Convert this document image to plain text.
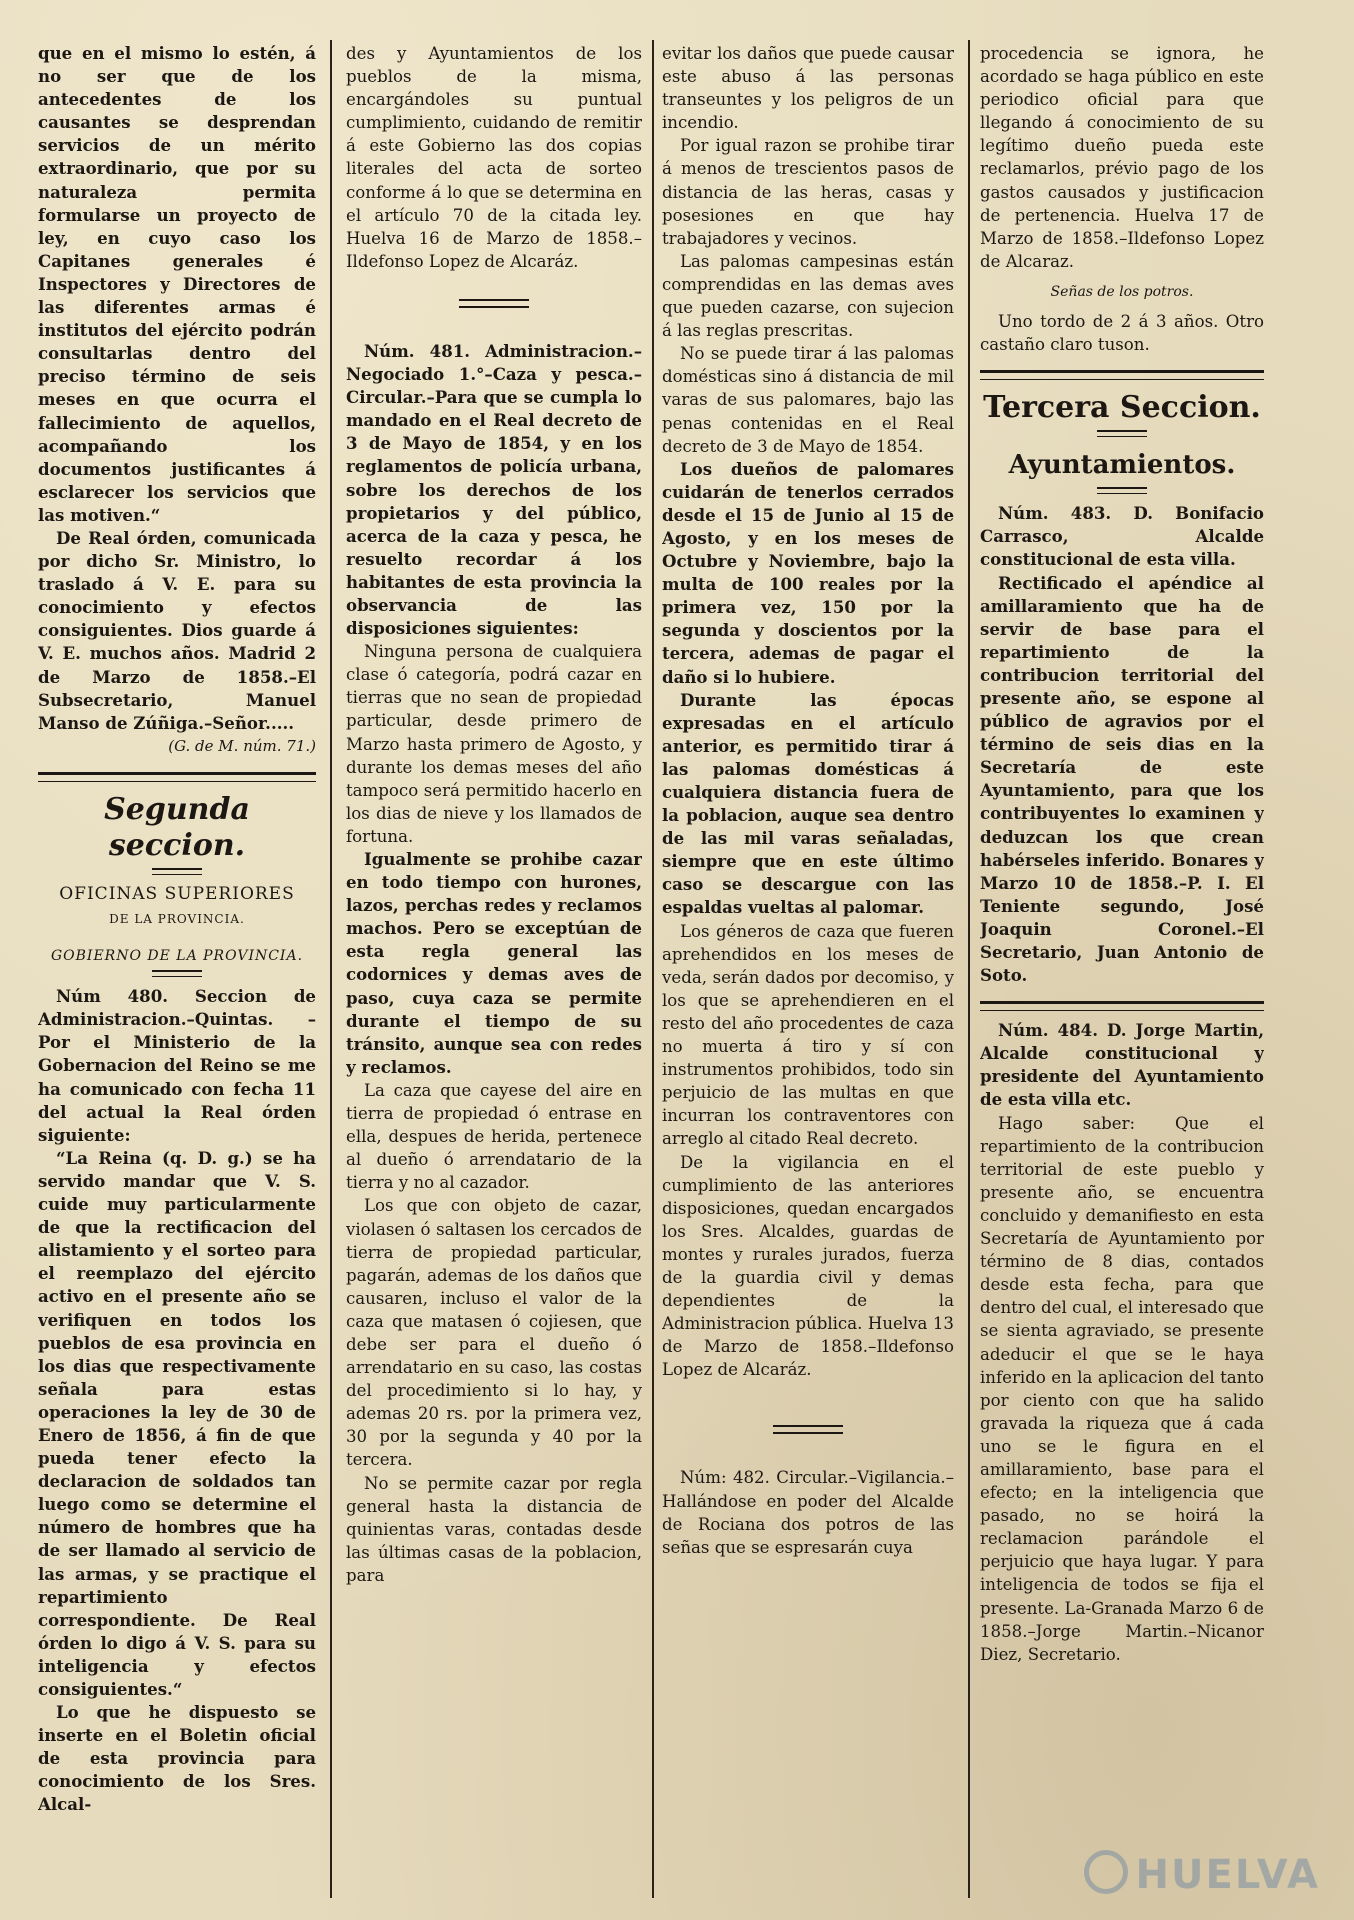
que en el mismo lo estén, á no ser que de los antecedentes de los causantes se desprendan servicios de un mérito extraordinario, que por su naturaleza permita formularse un proyecto de ley, en cuyo caso los Capitanes generales é Inspectores y Directores de las diferentes armas é institutos del ejército podrán consultarlas dentro del preciso término de seis meses en que ocurra el fallecimiento de aquellos, acompañando los documentos justificantes á esclarecer los servicios que las motiven.“

De Real órden, comunicada por dicho Sr. Ministro, lo traslado á V. E. para su conocimiento y efectos consiguientes. Dios guarde á V. E. muchos años. Madrid 2 de Marzo de 1858.–El Subsecretario, Manuel Manso de Zúñiga.–Señor.....

(G. de M. núm. 71.)

Segunda seccion.
OFICINAS SUPERIORES
DE LA PROVINCIA.
GOBIERNO DE LA PROVINCIA.

Núm 480. Seccion de Administracion.–Quintas. –Por el Ministerio de la Gobernacion del Reino se me ha comunicado con fecha 11 del actual la Real órden siguiente:

“La Reina (q. D. g.) se ha servido mandar que V. S. cuide muy particularmente de que la rectificacion del alistamiento y el sorteo para el reemplazo del ejército activo en el presente año se verifiquen en todos los pueblos de esa provincia en los dias que respectivamente señala para estas operaciones la ley de 30 de Enero de 1856, á fin de que pueda tener efecto la declaracion de soldados tan luego como se determine el número de hombres que ha de ser llamado al servicio de las armas, y se practique el repartimiento correspondiente. De Real órden lo digo á V. S. para su inteligencia y efectos consiguientes.“

Lo que he dispuesto se inserte en el Boletin oficial de esta provincia para conocimiento de los Sres. Alcal-

des y Ayuntamientos de los pueblos de la misma, encargándoles su puntual cumplimiento, cuidando de remitir á este Gobierno las dos copias literales del acta de sorteo conforme á lo que se determina en el artículo 70 de la citada ley. Huelva 16 de Marzo de 1858.–Ildefonso Lopez de Alcaráz.

Núm. 481. Administracion.–Negociado 1.°–Caza y pesca.–Circular.–Para que se cumpla lo mandado en el Real decreto de 3 de Mayo de 1854, y en los reglamentos de policía urbana, sobre los derechos de los propietarios y del público, acerca de la caza y pesca, he resuelto recordar á los habitantes de esta provincia la observancia de las disposiciones siguientes:

Ninguna persona de cualquiera clase ó categoría, podrá cazar en tierras que no sean de propiedad particular, desde primero de Marzo hasta primero de Agosto, y durante los demas meses del año tampoco será permitido hacerlo en los dias de nieve y los llamados de fortuna.

Igualmente se prohibe cazar en todo tiempo con hurones, lazos, perchas redes y reclamos machos. Pero se exceptúan de esta regla general las codornices y demas aves de paso, cuya caza se permite durante el tiempo de su tránsito, aunque sea con redes y reclamos.

La caza que cayese del aire en tierra de propiedad ó entrase en ella, despues de herida, pertenece al dueño ó arrendatario de la tierra y no al cazador.

Los que con objeto de cazar, violasen ó saltasen los cercados de tierra de propiedad particular, pagarán, ademas de los daños que causaren, incluso el valor de la caza que matasen ó cojiesen, que debe ser para el dueño ó arrendatario en su caso, las costas del procedimiento si lo hay, y ademas 20 rs. por la primera vez, 30 por la segunda y 40 por la tercera.

No se permite cazar por regla general hasta la distancia de quinientas varas, contadas desde las últimas casas de la poblacion, para

evitar los daños que puede causar este abuso á las personas transeuntes y los peligros de un incendio.

Por igual razon se prohibe tirar á menos de trescientos pasos de distancia de las heras, casas y posesiones en que hay trabajadores y vecinos.

Las palomas campesinas están comprendidas en las demas aves que pueden cazarse, con sujecion á las reglas prescritas.

No se puede tirar á las palomas domésticas sino á distancia de mil varas de sus palomares, bajo las penas contenidas en el Real decreto de 3 de Mayo de 1854.

Los dueños de palomares cuidarán de tenerlos cerrados desde el 15 de Junio al 15 de Agosto, y en los meses de Octubre y Noviembre, bajo la multa de 100 reales por la primera vez, 150 por la segunda y doscientos por la tercera, ademas de pagar el daño si lo hubiere.

Durante las épocas expresadas en el artículo anterior, es permitido tirar á las palomas domésticas á cualquiera distancia fuera de la poblacion, auque sea dentro de las mil varas señaladas, siempre que en este último caso se descargue con las espaldas vueltas al palomar.

Los géneros de caza que fueren aprehendidos en los meses de veda, serán dados por decomiso, y los que se aprehendieren en el resto del año procedentes de caza no muerta á tiro y sí con instrumentos prohibidos, todo sin perjuicio de las multas en que incurran los contraventores con arreglo al citado Real decreto.

De la vigilancia en el cumplimiento de las anteriores disposiciones, quedan encargados los Sres. Alcaldes, guardas de montes y rurales jurados, fuerza de la guardia civil y demas dependientes de la Administracion pública. Huelva 13 de Marzo de 1858.–Ildefonso Lopez de Alcaráz.

Núm: 482. Circular.–Vigilancia.–Hallándose en poder del Alcalde de Rociana dos potros de las señas que se espresarán cuya

procedencia se ignora, he acordado se haga público en este periodico oficial para que llegando á conocimiento de su legítimo dueño pueda este reclamarlos, prévio pago de los gastos causados y justificacion de pertenencia. Huelva 17 de Marzo de 1858.–Ildefonso Lopez de Alcaraz.

Señas de los potros.

Uno tordo de 2 á 3 años. Otro castaño claro tuson.

Tercera Seccion.
Ayuntamientos.

Núm. 483. D. Bonifacio Carrasco, Alcalde constitucional de esta villa.

Rectificado el apéndice al amillaramiento que ha de servir de base para el repartimiento de la contribucion territorial del presente año, se espone al público de agravios por el término de seis dias en la Secretaría de este Ayuntamiento, para que los contribuyentes lo examinen y deduzcan los que crean habérseles inferido. Bonares y Marzo 10 de 1858.–P. I. El Teniente segundo, José Joaquin Coronel.–El Secretario, Juan Antonio de Soto.

Núm. 484. D. Jorge Martin, Alcalde constitucional y presidente del Ayuntamiento de esta villa etc.

Hago saber: Que el repartimiento de la contribucion territorial de este pueblo y presente año, se encuentra concluido y demanifiesto en esta Secretaría de Ayuntamiento por término de 8 dias, contados desde esta fecha, para que dentro del cual, el interesado que se sienta agraviado, se presente adeducir el que se le haya inferido en la aplicacion del tanto por ciento con que ha salido gravada la riqueza que á cada uno se le figura en el amillaramiento, base para el efecto; en la inteligencia que pasado, no se hoirá la reclamacion parándole el perjuicio que haya lugar. Y para inteligencia de todos se fija el presente. La-Granada Marzo 6 de 1858.–Jorge Martin.–Nicanor Diez, Secretario.

HUELVA
